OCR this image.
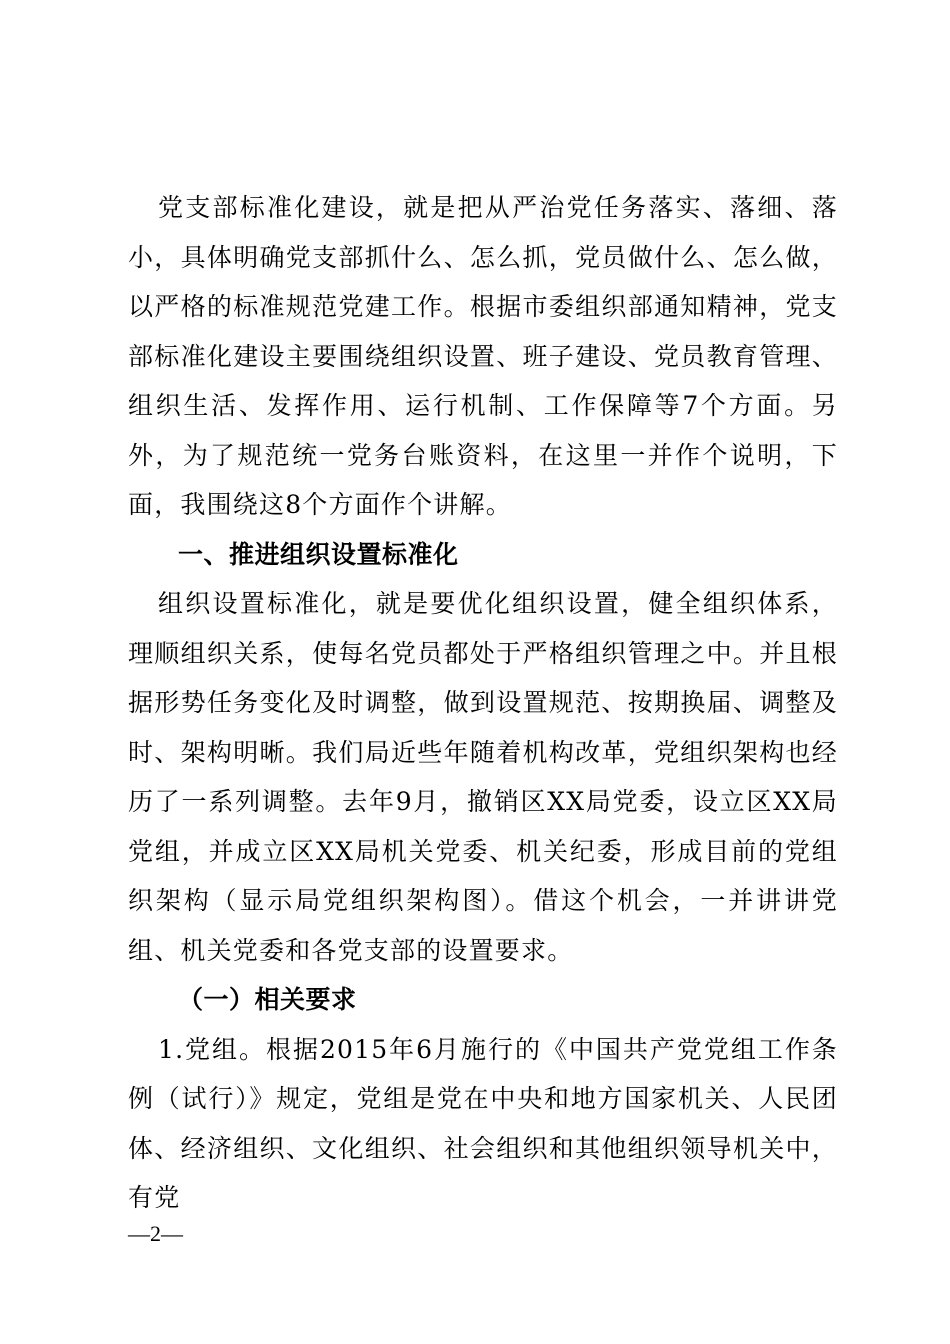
党支部标准化建设，就是把从严治党任务落实、落细、落小，具体明确党支部抓什么、怎么抓，党员做什么、怎么做，以严格的标准规范党建工作。根据市委组织部通知精神，党支部标准化建设主要围绕组织设置、班子建设、党员教育管理、组织生活、发挥作用、运行机制、工作保障等7个方面。另外，为了规范统一党务台账资料，在这里一并作个说明，下面，我围绕这8个方面作个讲解。

一、推进组织设置标准化

组织设置标准化，就是要优化组织设置，健全组织体系，理顺组织关系，使每名党员都处于严格组织管理之中。并且根据形势任务变化及时调整，做到设置规范、按期换届、调整及时、架构明晰。我们局近些年随着机构改革，党组织架构也经历了一系列调整。去年9月，撤销区XX局党委，设立区XX局党组，并成立区XX局机关党委、机关纪委，形成目前的党组织架构（显示局党组织架构图）。借这个机会，一并讲讲党组、机关党委和各党支部的设置要求。

（一）相关要求

1.党组。根据2015年6月施行的《中国共产党党组工作条例（试行）》规定，党组是党在中央和地方国家机关、人民团体、经济组织、文化组织、社会组织和其他组织领导机关中，有党

—2—
